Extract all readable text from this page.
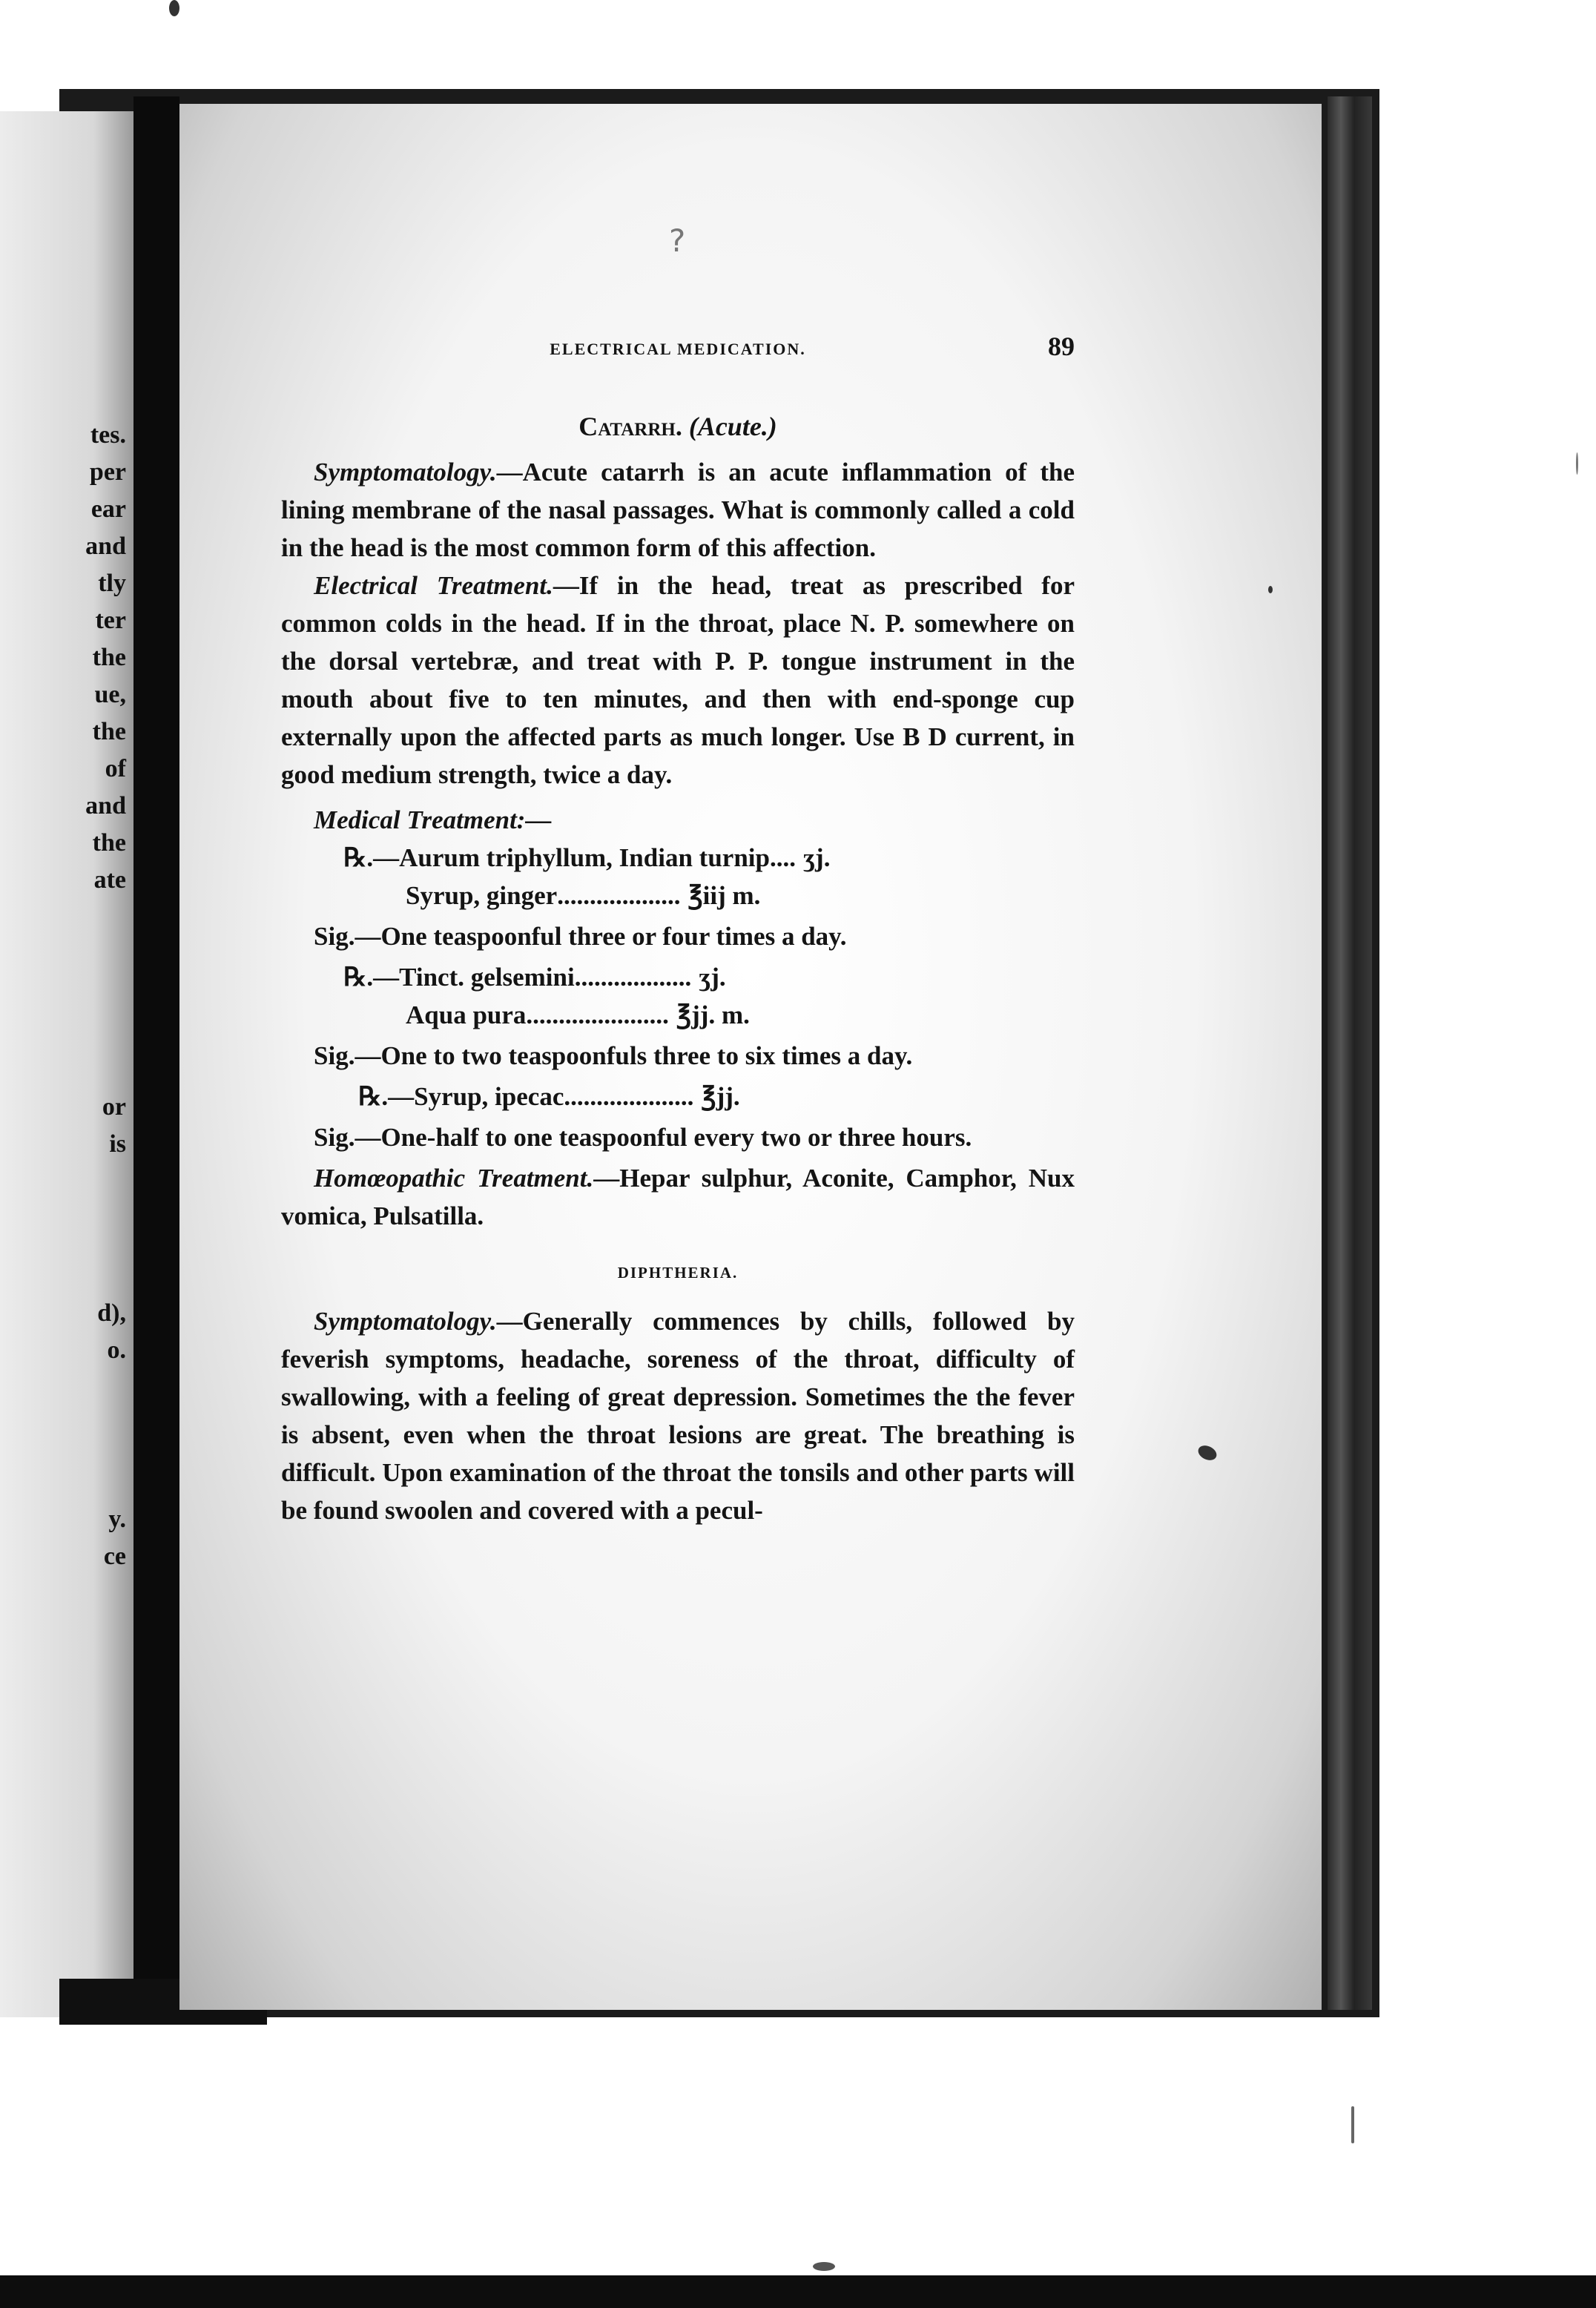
tes.
per
ear
and
tly
ter
the
ue,
the
of
and
the
ate
or
is
d),
o.
y.
ce
?
ELECTRICAL MEDICATION.	89
Catarrh. (Acute.)

Symptomatology.—Acute catarrh is an acute inflammation of the lining membrane of the nasal passages. What is commonly called a cold in the head is the most common form of this affection.

Electrical Treatment.—If in the head, treat as prescribed for common colds in the head. If in the throat, place N. P. somewhere on the dorsal vertebræ, and treat with P. P. tongue instrument in the mouth about five to ten minutes, and then with end-sponge cup externally upon the affected parts as much longer. Use B D current, in good medium strength, twice a day.

Medical Treatment:—
℞.—Aurum triphyllum, Indian turnip .... ʒj.
Syrup, ginger ................... ℥iij m.
Sig.—One teaspoonful three or four times a day.
℞.—Tinct. gelsemini .................. ʒj.
Aqua pura ...................... ℥jj. m.
Sig.—One to two teaspoonfuls three to six times a day.
℞.—Syrup, ipecac .................... ℥jj.
Sig.—One-half to one teaspoonful every two or three hours.

Homœopathic Treatment.—Hepar sulphur, Aconite, Camphor, Nux vomica, Pulsatilla.

DIPHTHERIA.

Symptomatology.—Generally commences by chills, followed by feverish symptoms, headache, soreness of the throat, difficulty of swallowing, with a feeling of great depression. Sometimes the the fever is absent, even when the throat lesions are great. The breathing is difficult. Upon examination of the throat the tonsils and other parts will be found swoolen and covered with a pecul-
